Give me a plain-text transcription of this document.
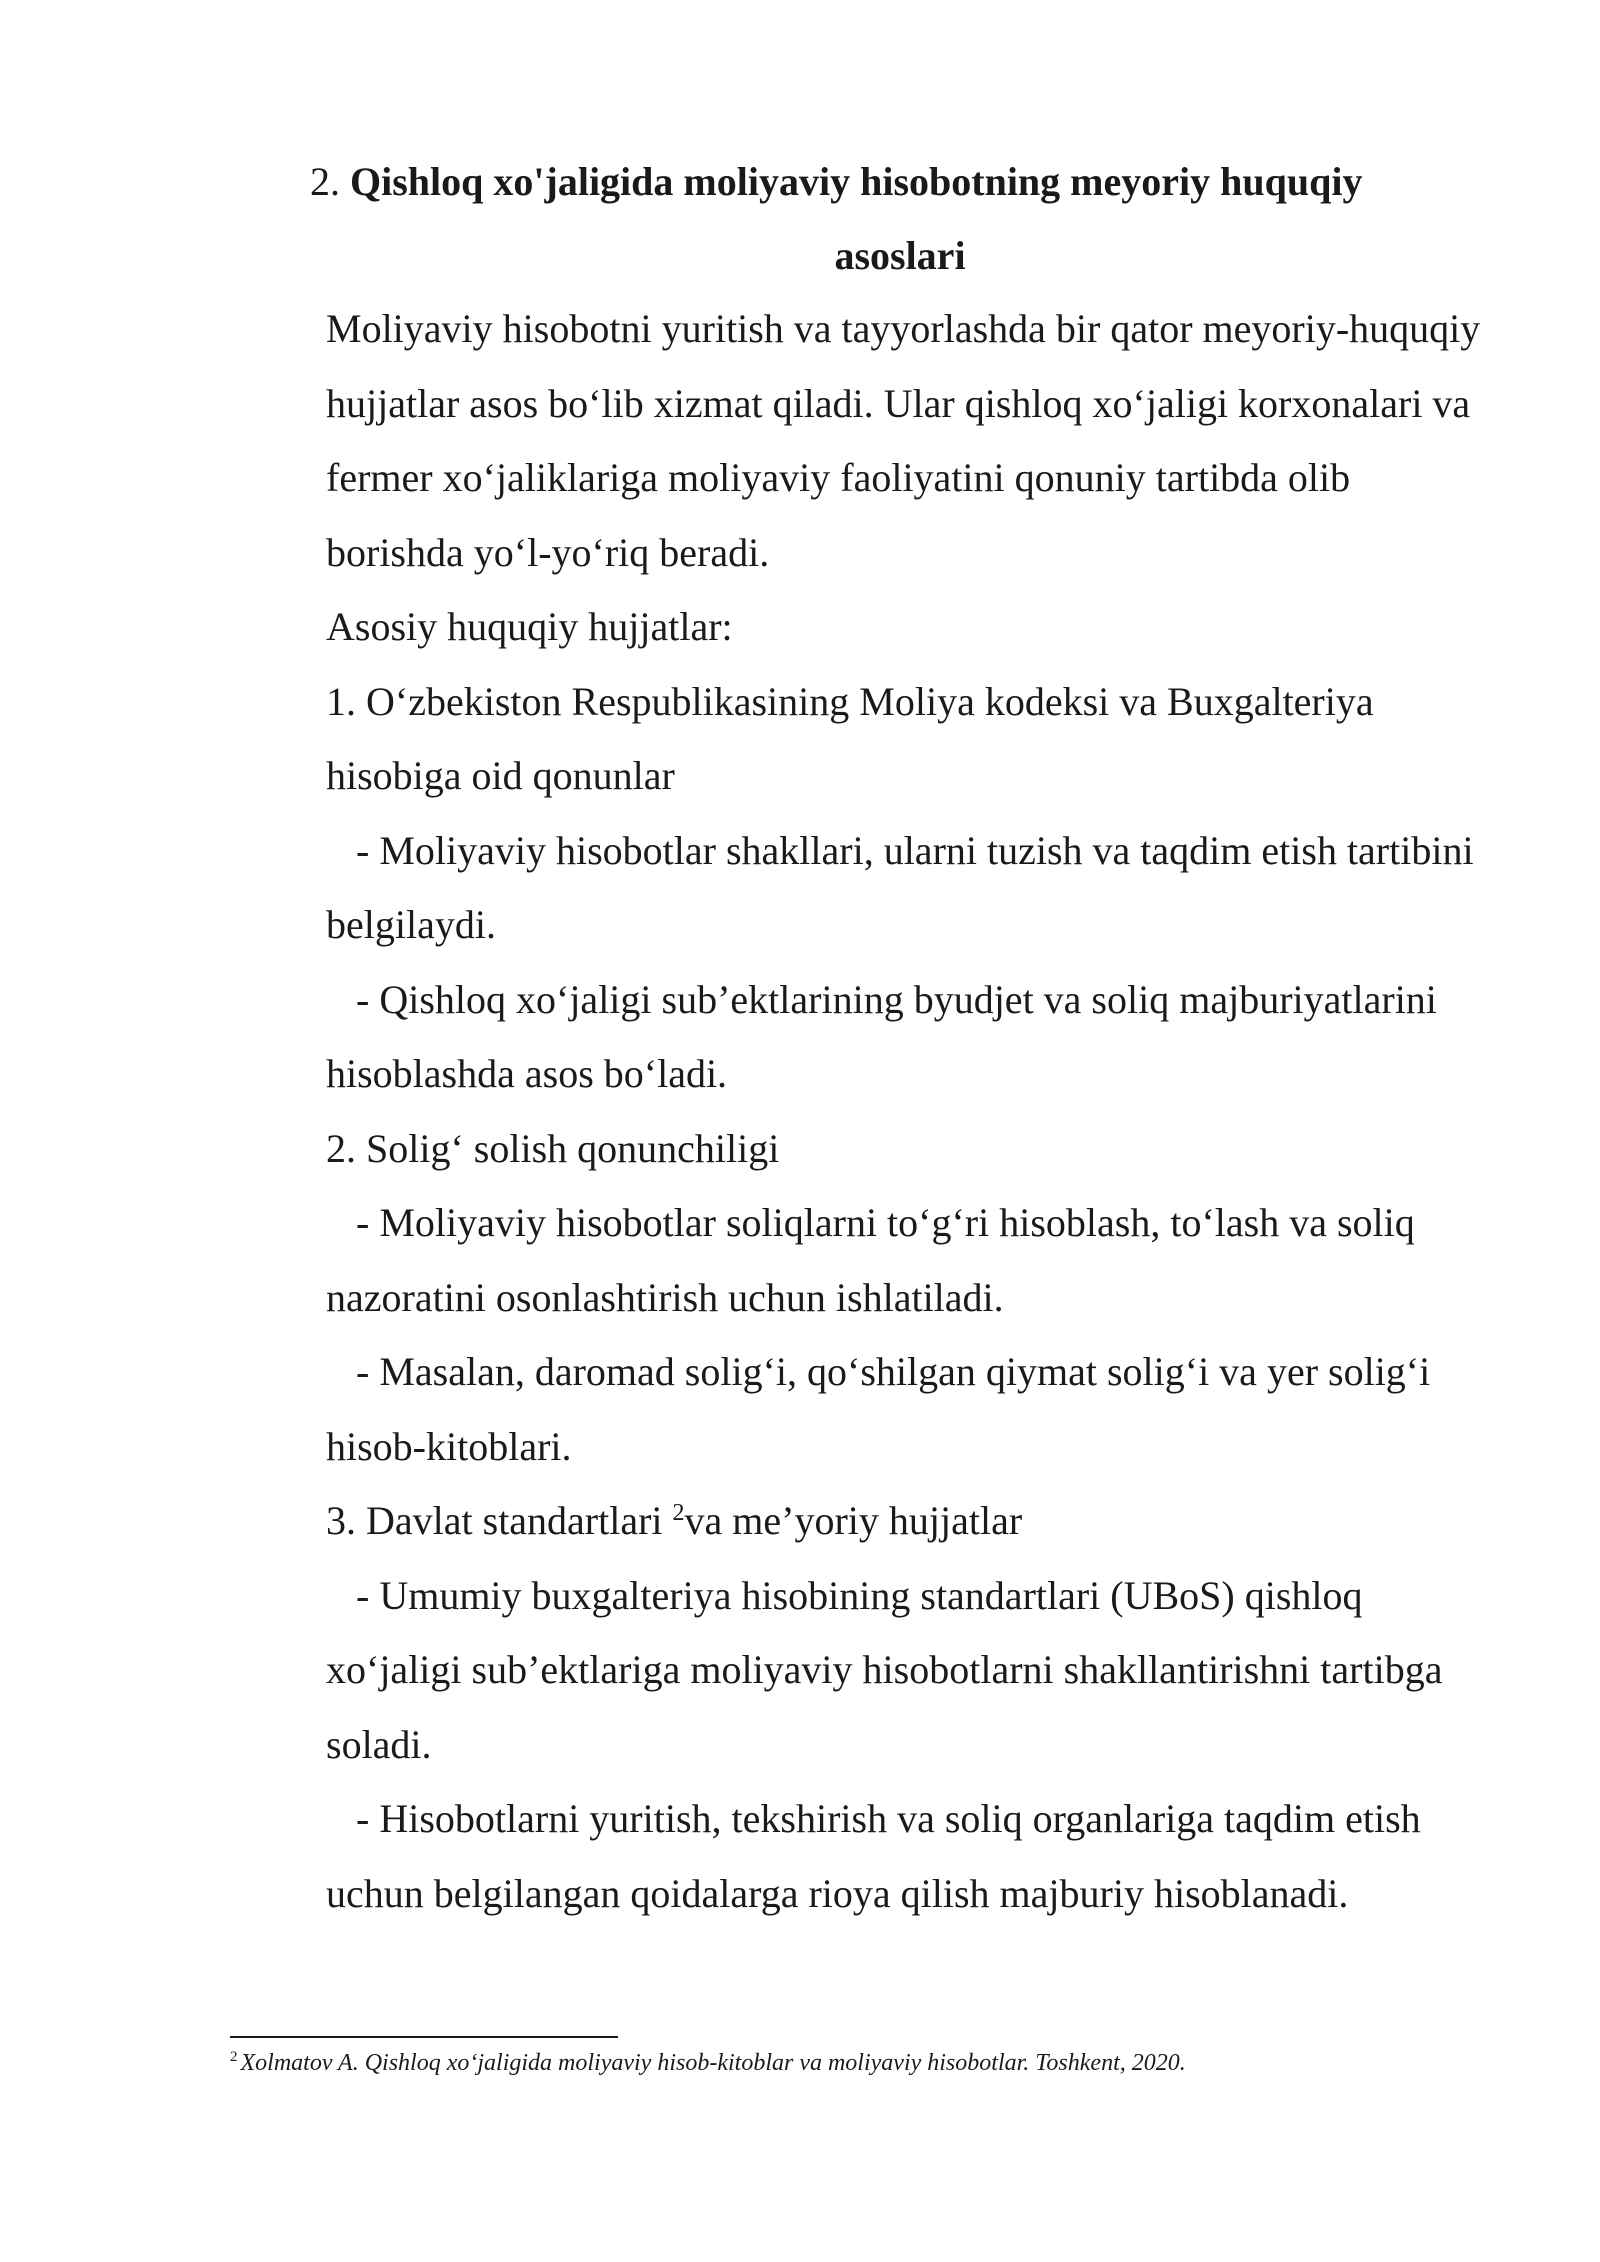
2. Qishloq xo'jaligida moliyaviy hisobotning meyoriy huquqiy
asoslari

Moliyaviy hisobotni yuritish va tayyorlashda bir qator meyoriy-huquqiy hujjatlar asos bo‘lib xizmat qiladi. Ular qishloq xo‘jaligi korxonalari va fermer xo‘jaliklariga moliyaviy faoliyatini qonuniy tartibda olib borishda yo‘l-yo‘riq beradi.

Asosiy huquqiy hujjatlar:

1. O‘zbekiston Respublikasining Moliya kodeksi va Buxgalteriya hisobiga oid qonunlar

- Moliyaviy hisobotlar shakllari, ularni tuzish va taqdim etish tartibini belgilaydi.

- Qishloq xo‘jaligi sub’ektlarining byudjet va soliq majburiyatlarini hisoblashda asos bo‘ladi.

2. Solig‘ solish qonunchiligi

- Moliyaviy hisobotlar soliqlarni to‘g‘ri hisoblash, to‘lash va soliq nazoratini osonlashtirish uchun ishlatiladi.

- Masalan, daromad solig‘i, qo‘shilgan qiymat solig‘i va yer solig‘i hisob-kitoblari.

3. Davlat standartlari $^2$va me’yoriy hujjatlar

- Umumiy buxgalteriya hisobining standartlari (UBoS) qishloq xo‘jaligi sub’ektlariga moliyaviy hisobotlarni shakllantirishni tartibga soladi.

- Hisobotlarni yuritish, tekshirish va soliq organlariga taqdim etish uchun belgilangan qoidalarga rioya qilish majburiy hisoblanadi.

$^2$ Xolmatov A. Qishloq xo‘jaligida moliyaviy hisob-kitoblar va moliyaviy hisobotlar. Toshkent, 2020.
